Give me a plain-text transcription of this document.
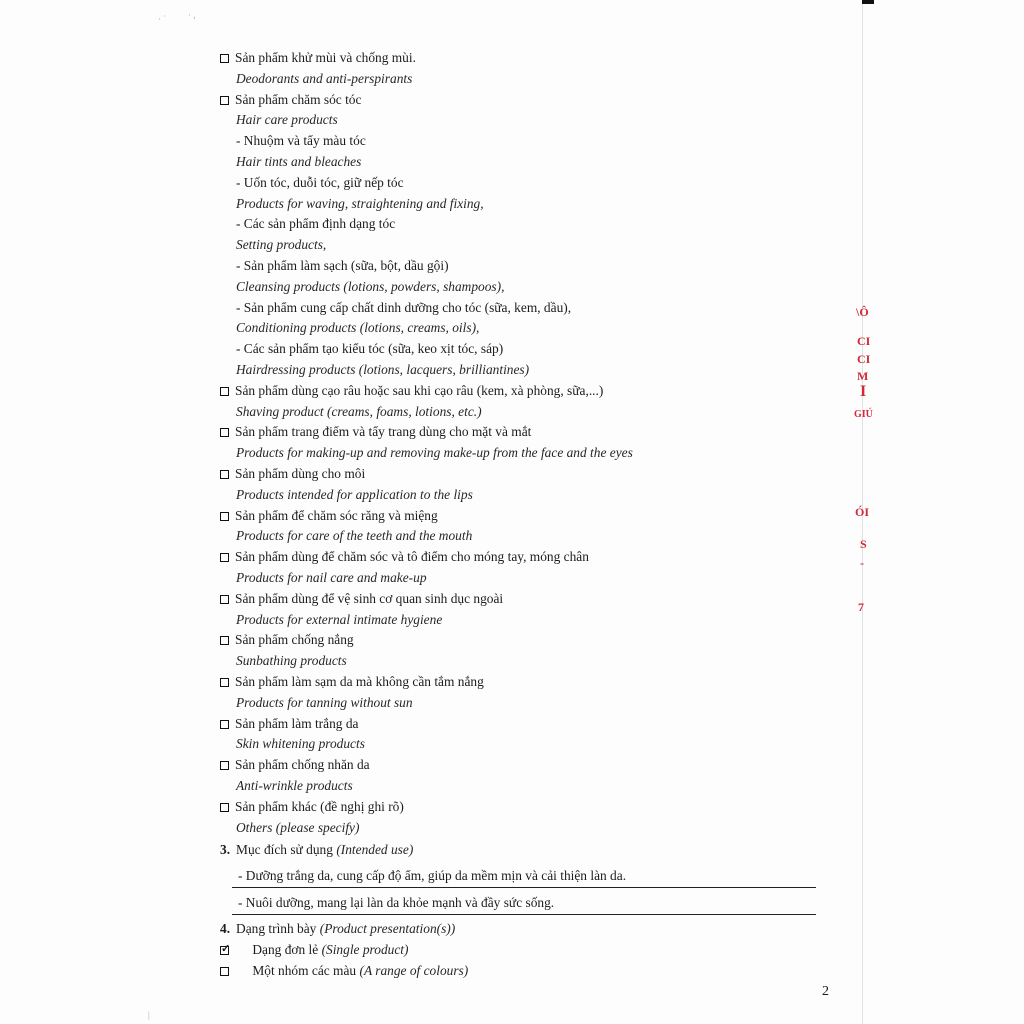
· ˙ · ,
|
Sản phẩm khử mùi và chống mùi.
Deodorants and anti-perspirants
Sản phẩm chăm sóc tóc
Hair care products
- Nhuộm và tẩy màu tóc
Hair tints and bleaches
- Uốn tóc, duỗi tóc, giữ nếp tóc
Products for waving, straightening and fixing,
- Các sản phẩm định dạng tóc
Setting products,
- Sản phẩm làm sạch (sữa, bột, dầu gội)
Cleansing products (lotions, powders, shampoos),
- Sản phẩm cung cấp chất dinh dưỡng cho tóc (sữa, kem, dầu),
Conditioning products (lotions, creams, oils),
- Các sản phẩm tạo kiểu tóc (sữa, keo xịt tóc, sáp)
Hairdressing products (lotions, lacquers, brilliantines)
Sản phẩm dùng cạo râu hoặc sau khi cạo râu (kem, xà phòng, sữa,...)
Shaving product (creams, foams, lotions, etc.)
Sản phẩm trang điểm và tẩy trang dùng cho mặt và mắt
Products for making-up and removing make-up from the face and the eyes
Sản phẩm dùng cho môi
Products intended for application to the lips
Sản phẩm để chăm sóc răng và miệng
Products for care of the teeth and the mouth
Sản phẩm dùng để chăm sóc và tô điểm cho móng tay, móng chân
Products for nail care and make-up
Sản phẩm dùng để vệ sinh cơ quan sinh dục ngoài
Products for external intimate hygiene
Sản phẩm chống nắng
Sunbathing products
Sản phẩm làm sạm da mà không cần tắm nắng
Products for tanning without sun
Sản phẩm làm trắng da
Skin whitening products
Sản phẩm chống nhăn da
Anti-wrinkle products
Sản phẩm khác (đề nghị ghi rõ)
Others (please specify)
3. Mục đích sử dụng (Intended use)
- Dưỡng trắng da, cung cấp độ ẩm, giúp da mềm mịn và cải thiện làn da.
- Nuôi dưỡng, mang lại làn da khỏe mạnh và đầy sức sống.
4. Dạng trình bày (Product presentation(s))
✓ Dạng đơn lẻ (Single product)
Một nhóm các màu (A range of colours)
2
\Ô
CI
CI
M
I
GIÚ
ÓI
S
-
7
